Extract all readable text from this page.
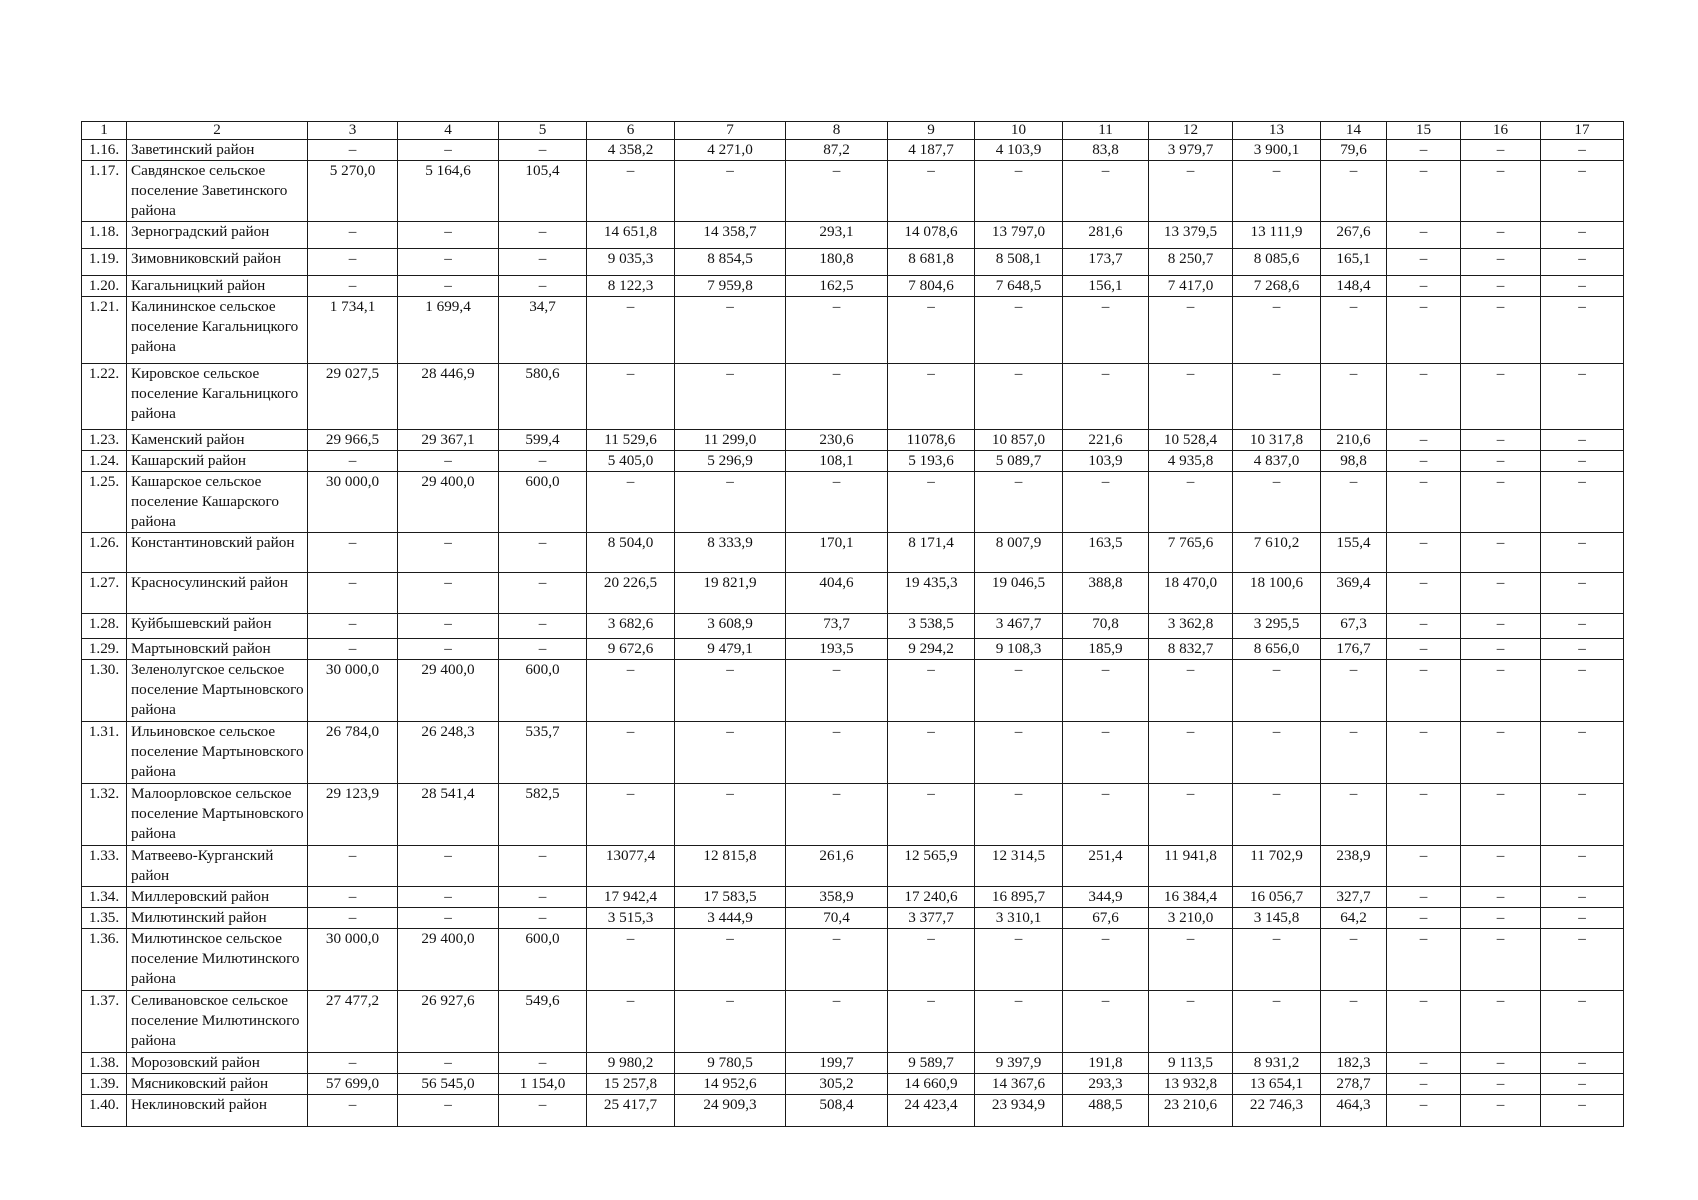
1	2	3	4	5	6	7	8	9	10	11	12	13	14	15	16	17
1.16.	Заветинский район	–	–	–	4 358,2	4 271,0	87,2	4 187,7	4 103,9	83,8	3 979,7	3 900,1	79,6	–	–	–
1.17.	Савдянское сельское поселение Заветинского района	5 270,0	5 164,6	105,4	–	–	–	–	–	–	–	–	–	–	–	–
1.18.	Зерноградский район	–	–	–	14 651,8	14 358,7	293,1	14 078,6	13 797,0	281,6	13 379,5	13 111,9	267,6	–	–	–
1.19.	Зимовниковский район	–	–	–	9 035,3	8 854,5	180,8	8 681,8	8 508,1	173,7	8 250,7	8 085,6	165,1	–	–	–
1.20.	Кагальницкий район	–	–	–	8 122,3	7 959,8	162,5	7 804,6	7 648,5	156,1	7 417,0	7 268,6	148,4	–	–	–
1.21.	Калининское сельское поселение Кагальницкого района	1 734,1	1 699,4	34,7	–	–	–	–	–	–	–	–	–	–	–	–
1.22.	Кировское сельское поселение Кагальницкого района	29 027,5	28 446,9	580,6	–	–	–	–	–	–	–	–	–	–	–	–
1.23.	Каменский район	29 966,5	29 367,1	599,4	11 529,6	11 299,0	230,6	11078,6	10 857,0	221,6	10 528,4	10 317,8	210,6	–	–	–
1.24.	Кашарский район	–	–	–	5 405,0	5 296,9	108,1	5 193,6	5 089,7	103,9	4 935,8	4 837,0	98,8	–	–	–
1.25.	Кашарское сельское поселение Кашарского района	30 000,0	29 400,0	600,0	–	–	–	–	–	–	–	–	–	–	–	–
1.26.	Константиновский район	–	–	–	8 504,0	8 333,9	170,1	8 171,4	8 007,9	163,5	7 765,6	7 610,2	155,4	–	–	–
1.27.	Красносулинский район	–	–	–	20 226,5	19 821,9	404,6	19 435,3	19 046,5	388,8	18 470,0	18 100,6	369,4	–	–	–
1.28.	Куйбышевский район	–	–	–	3 682,6	3 608,9	73,7	3 538,5	3 467,7	70,8	3 362,8	3 295,5	67,3	–	–	–
1.29.	Мартыновский район	–	–	–	9 672,6	9 479,1	193,5	9 294,2	9 108,3	185,9	8 832,7	8 656,0	176,7	–	–	–
1.30.	Зеленолугское сельское поселение Мартыновского района	30 000,0	29 400,0	600,0	–	–	–	–	–	–	–	–	–	–	–	–
1.31.	Ильиновское сельское поселение Мартыновского района	26 784,0	26 248,3	535,7	–	–	–	–	–	–	–	–	–	–	–	–
1.32.	Малоорловское сельское поселение Мартыновского района	29 123,9	28 541,4	582,5	–	–	–	–	–	–	–	–	–	–	–	–
1.33.	Матвеево-Курганский район	–	–	–	13077,4	12 815,8	261,6	12 565,9	12 314,5	251,4	11 941,8	11 702,9	238,9	–	–	–
1.34.	Миллеровский район	–	–	–	17 942,4	17 583,5	358,9	17 240,6	16 895,7	344,9	16 384,4	16 056,7	327,7	–	–	–
1.35.	Милютинский район	–	–	–	3 515,3	3 444,9	70,4	3 377,7	3 310,1	67,6	3 210,0	3 145,8	64,2	–	–	–
1.36.	Милютинское сельское поселение Милютинского района	30 000,0	29 400,0	600,0	–	–	–	–	–	–	–	–	–	–	–	–
1.37.	Селивановское сельское поселение Милютинского района	27 477,2	26 927,6	549,6	–	–	–	–	–	–	–	–	–	–	–	–
1.38.	Морозовский район	–	–	–	9 980,2	9 780,5	199,7	9 589,7	9 397,9	191,8	9 113,5	8 931,2	182,3	–	–	–
1.39.	Мясниковский район	57 699,0	56 545,0	1 154,0	15 257,8	14 952,6	305,2	14 660,9	14 367,6	293,3	13 932,8	13 654,1	278,7	–	–	–
1.40.	Неклиновский район	–	–	–	25 417,7	24 909,3	508,4	24 423,4	23 934,9	488,5	23 210,6	22 746,3	464,3	–	–	–
